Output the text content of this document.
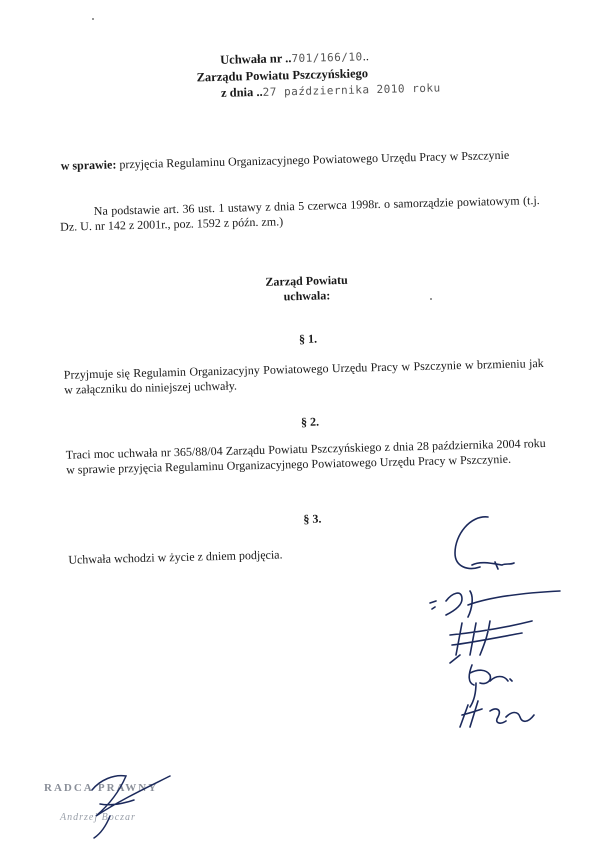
Uchwała nr ..701/166/10..
Zarządu Powiatu Pszczyńskiego
z dnia ..27 października 2010 roku
w sprawie: przyjęcia Regulaminu Organizacyjnego Powiatowego Urzędu Pracy w Pszczynie
Na podstawie art. 36 ust. 1 ustawy z dnia 5 czerwca 1998r. o samorządzie powiatowym (t.j. Dz. U. nr 142 z 2001r., poz. 1592 z późn. zm.)
Zarząd Powiatu
uchwala:
§ 1.
Przyjmuje się Regulamin Organizacyjny Powiatowego Urzędu Pracy w Pszczynie w brzmieniu jak w załączniku do niniejszej uchwały.
§ 2.
Traci moc uchwała nr 365/88/04 Zarządu Powiatu Pszczyńskiego z dnia 28 października 2004 roku w sprawie przyjęcia Regulaminu Organizacyjnego Powiatowego Urzędu Pracy w Pszczynie.
§ 3.
Uchwała wchodzi w życie z dniem podjęcia.
RADCA PRAWNY
Andrzej Boczar
